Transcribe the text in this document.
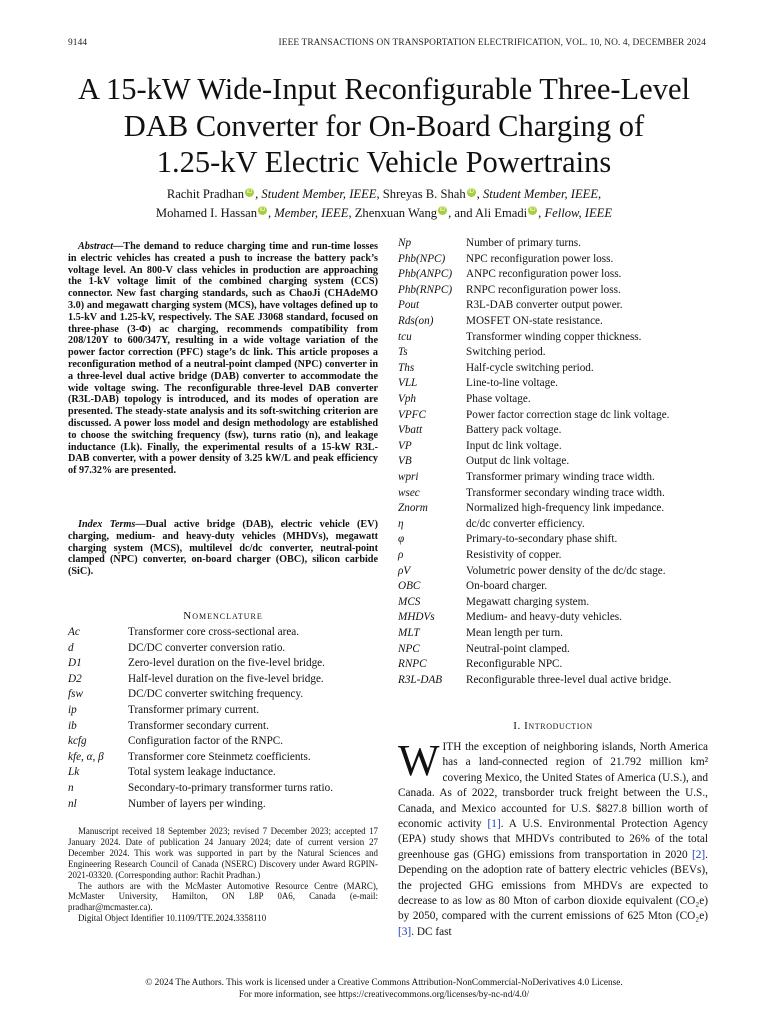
9144	IEEE TRANSACTIONS ON TRANSPORTATION ELECTRIFICATION, VOL. 10, NO. 4, DECEMBER 2024
A 15-kW Wide-Input Reconfigurable Three-Level
DAB Converter for On-Board Charging of
1.25-kV Electric Vehicle Powertrains
Rachit Pradhan iD , Student Member, IEEE, Shreyas B. Shah iD , Student Member, IEEE,
Mohamed I. Hassan iD , Member, IEEE, Zhenxuan Wang iD , and Ali Emadi iD , Fellow, IEEE
Abstract—The demand to reduce charging time and run-time losses in electric vehicles has created a push to increase the battery pack’s voltage level. An 800-V class vehicles in production are approaching the 1-kV voltage limit of the combined charging system (CCS) connector. New fast charging standards, such as ChaoJi (CHAdeMO 3.0) and megawatt charging system (MCS), have voltages defined up to 1.5-kV and 1.25-kV, respectively. The SAE J3068 standard, focused on three-phase (3-Φ) ac charging, recommends compatibility from 208/120Y to 600/347Y, resulting in a wide voltage variation of the power factor correction (PFC) stage’s dc link. This article proposes a reconfiguration method of a neutral-point clamped (NPC) converter in a three-level dual active bridge (DAB) converter to accommodate the wide voltage swing. The reconfigurable three-level DAB converter (R3L-DAB) topology is introduced, and its modes of operation are presented. The steady-state analysis and its soft-switching criterion are discussed. A power loss model and design methodology are established to choose the switching frequency (fsw), turns ratio (n), and leakage inductance (Lk). Finally, the experimental results of a 15-kW R3L-DAB converter, with a power density of 3.25 kW/L and peak efficiency of 97.32% are presented.
Index Terms—Dual active bridge (DAB), electric vehicle (EV) charging, medium- and heavy-duty vehicles (MHDVs), megawatt charging system (MCS), multilevel dc/dc converter, neutral-point clamped (NPC) converter, on-board charger (OBC), silicon carbide (SiC).
Nomenclature
Ac	Transformer core cross-sectional area.
d	DC/DC converter conversion ratio.
D1	Zero-level duration on the five-level bridge.
D2	Half-level duration on the five-level bridge.
fsw	DC/DC converter switching frequency.
ip	Transformer primary current.
ib	Transformer secondary current.
kcfg	Configuration factor of the RNPC.
kfe, α, β Transformer core Steinmetz coefficients.
Lk	Total system leakage inductance.
n	Secondary-to-primary transformer turns ratio.
nl	Number of layers per winding.
Np	Number of primary turns.
Phb(NPC) NPC reconfiguration power loss.
Phb(ANPC) ANPC reconfiguration power loss.
Phb(RNPC) RNPC reconfiguration power loss.
Pout	R3L-DAB converter output power.
Rds(on)	MOSFET ON-state resistance.
tcu	Transformer winding copper thickness.
Ts	Switching period.
Ths	Half-cycle switching period.
VLL	Line-to-line voltage.
Vph	Phase voltage.
VPFC	Power factor correction stage dc link voltage.
Vbatt	Battery pack voltage.
VP	Input dc link voltage.
VB	Output dc link voltage.
wpri	Transformer primary winding trace width.
wsec	Transformer secondary winding trace width.
Znorm	Normalized high-frequency link impedance.
η	dc/dc converter efficiency.
φ	Primary-to-secondary phase shift.
ρ	Resistivity of copper.
ρV	Volumetric power density of the dc/dc stage.
OBC	On-board charger.
MCS	Megawatt charging system.
MHDVs	Medium- and heavy-duty vehicles.
MLT	Mean length per turn.
NPC	Neutral-point clamped.
RNPC	Reconfigurable NPC.
R3L-DAB Reconfigurable three-level dual active bridge.

Manuscript received 18 September 2023; revised 7 December 2023; accepted 17 January 2024. Date of publication 24 January 2024; date of current version 27 December 2024. This work was supported in part by the Natural Sciences and Engineering Research Council of Canada (NSERC) Discovery under Award RGPIN-2021-03320. (Corresponding author: Rachit Pradhan.)

The authors are with the McMaster Automotive Resource Centre (MARC), McMaster University, Hamilton, ON L8P 0A6, Canada (e-mail: pradhar@mcmaster.ca).

Digital Object Identifier 10.1109/TTE.2024.3358110

I. Introduction
WITH the exception of neighboring islands, North America has a land-connected region of 21.792 million km² covering Mexico, the United States of America (U.S.), and Canada. As of 2022, transborder truck freight between the U.S., Canada, and Mexico accounted for U.S. $827.8 billion worth of economic activity [1]. A U.S. Environmental Protection Agency (EPA) study shows that MHDVs contributed to 26% of the total greenhouse gas (GHG) emissions from transportation in 2020 [2]. Depending on the adoption rate of battery electric vehicles (BEVs), the projected GHG emissions from MHDVs are expected to decrease to as low as 80 Mton of carbon dioxide equivalent (CO₂e) by 2050, compared with the current emissions of 625 Mton (CO₂e) [3]. DC fast
© 2024 The Authors. This work is licensed under a Creative Commons Attribution-NonCommercial-NoDerivatives 4.0 License.
For more information, see https://creativecommons.org/licenses/by-nc-nd/4.0/
